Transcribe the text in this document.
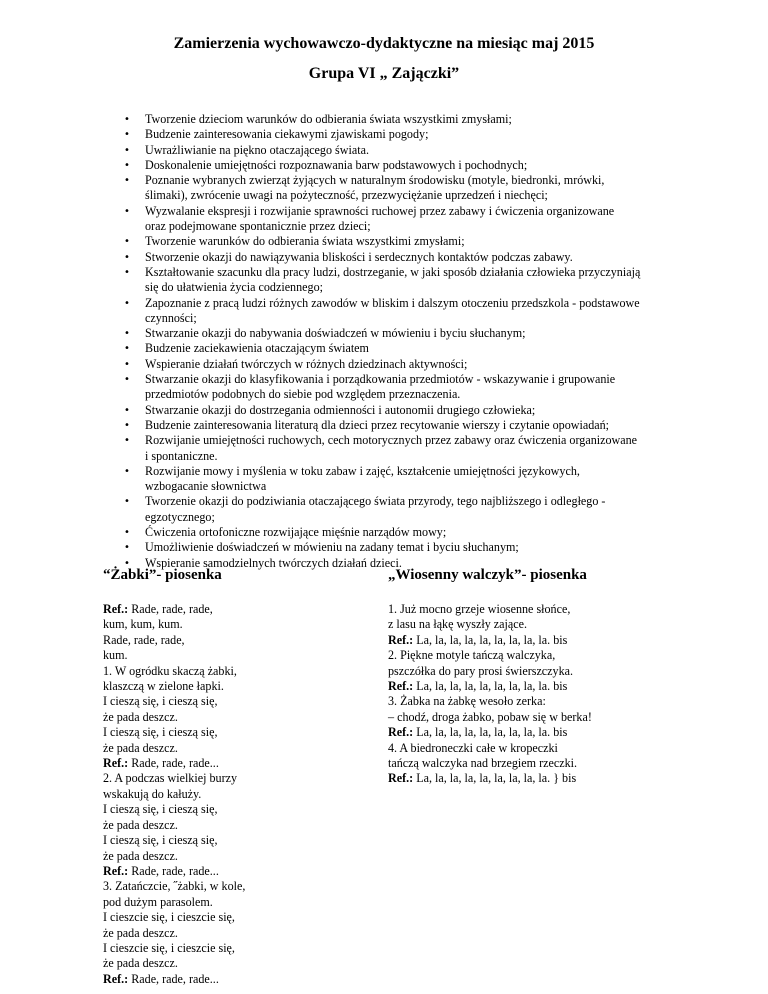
Zamierzenia wychowawczo-dydaktyczne na miesiąc maj 2015
Grupa VI „ Zajączki”
• Tworzenie dzieciom warunków do odbierania świata wszystkimi zmysłami;
• Budzenie zainteresowania ciekawymi zjawiskami pogody;
• Uwrażliwianie na piękno otaczającego świata.
• Doskonalenie umiejętności rozpoznawania barw podstawowych i pochodnych;
• Poznanie wybranych zwierząt żyjących w naturalnym środowisku (motyle, biedronki, mrówki,
ślimaki), zwrócenie uwagi na pożyteczność, przezwyciężanie uprzedzeń i niechęci;
• Wyzwalanie ekspresji i rozwijanie sprawności ruchowej przez zabawy i ćwiczenia organizowane
oraz podejmowane spontanicznie przez dzieci;
• Tworzenie warunków do odbierania świata wszystkimi zmysłami;
• Stworzenie okazji do nawiązywania bliskości i serdecznych kontaktów podczas zabawy.
• Kształtowanie szacunku dla pracy ludzi, dostrzeganie, w jaki sposób działania człowieka przyczyniają
się do ułatwienia życia codziennego;
• Zapoznanie z pracą ludzi różnych zawodów w bliskim i dalszym otoczeniu przedszkola - podstawowe
czynności;
• Stwarzanie okazji do nabywania doświadczeń w mówieniu i byciu słuchanym;
• Budzenie zaciekawienia otaczającym światem
• Wspieranie działań twórczych w różnych dziedzinach aktywności;
• Stwarzanie okazji do klasyfikowania i porządkowania przedmiotów - wskazywanie i grupowanie
przedmiotów podobnych do siebie pod względem przeznaczenia.
• Stwarzanie okazji do dostrzegania odmienności i autonomii drugiego człowieka;
• Budzenie zainteresowania literaturą dla dzieci przez recytowanie wierszy i czytanie opowiadań;
• Rozwijanie umiejętności ruchowych, cech motorycznych przez zabawy oraz ćwiczenia organizowane
i spontaniczne.
• Rozwijanie mowy i myślenia w toku zabaw i zajęć, kształcenie umiejętności językowych,
wzbogacanie słownictwa
• Tworzenie okazji do podziwiania otaczającego świata przyrody, tego najbliższego i odległego -
egzotycznego;
• Ćwiczenia ortofoniczne rozwijające mięśnie narządów mowy;
• Umożliwienie doświadczeń w mówieniu na zadany temat i byciu słuchanym;
• Wspieranie samodzielnych twórczych działań dzieci.
“Żabki”- piosenka
Ref.: Rade, rade, rade,
kum, kum, kum.
Rade, rade, rade,
kum.
1. W ogródku skaczą żabki,
klaszczą w zielone łapki.
I cieszą się, i cieszą się,
że pada deszcz.
I cieszą się, i cieszą się,
że pada deszcz.
Ref.: Rade, rade, rade...
2. A podczas wielkiej burzy
wskakują do kałuży.
I cieszą się, i cieszą się,
że pada deszcz.
I cieszą się, i cieszą się,
że pada deszcz.
Ref.: Rade, rade, rade...
3. Zatańczcie, ˝żabki, w kole,
pod dużym parasolem.
I cieszcie się, i cieszcie się,
że pada deszcz.
I cieszcie się, i cieszcie się,
że pada deszcz.
Ref.: Rade, rade, rade...
„Wiosenny walczyk”- piosenka
1. Już mocno grzeje wiosenne słońce,
z lasu na łąkę wyszły zające.
Ref.: La, la, la, la, la, la, la, la, la. bis
2. Piękne motyle tańczą walczyka,
pszczółka do pary prosi świerszczyka.
Ref.: La, la, la, la, la, la, la, la, la. bis
3. Żabka na żabkę wesoło zerka:
– chodź, droga żabko, pobaw się w berka!
Ref.: La, la, la, la, la, la, la, la, la. bis
4. A biedroneczki całe w kropeczki
tańczą walczyka nad brzegiem rzeczki.
Ref.: La, la, la, la, la, la, la, la, la. } bis
